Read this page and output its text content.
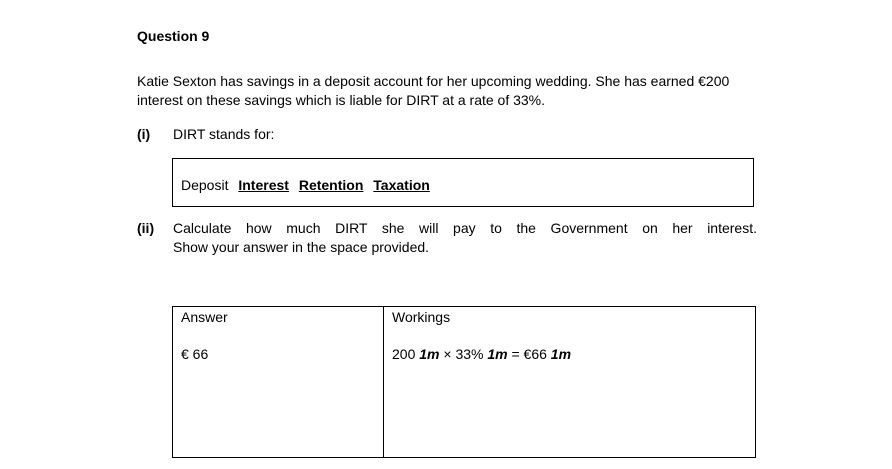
Question 9
Katie Sexton has savings in a deposit account for her upcoming wedding. She has earned €200
interest on these savings which is liable for DIRT at a rate of 33%.
(i) DIRT stands for:
Deposit Interest Retention Taxation
(ii) Calculate how much DIRT she will pay to the Government on her interest.
Show your answer in the space provided.
Answer
€ 66
Workings
200 1m × 33% 1m = €66 1m
